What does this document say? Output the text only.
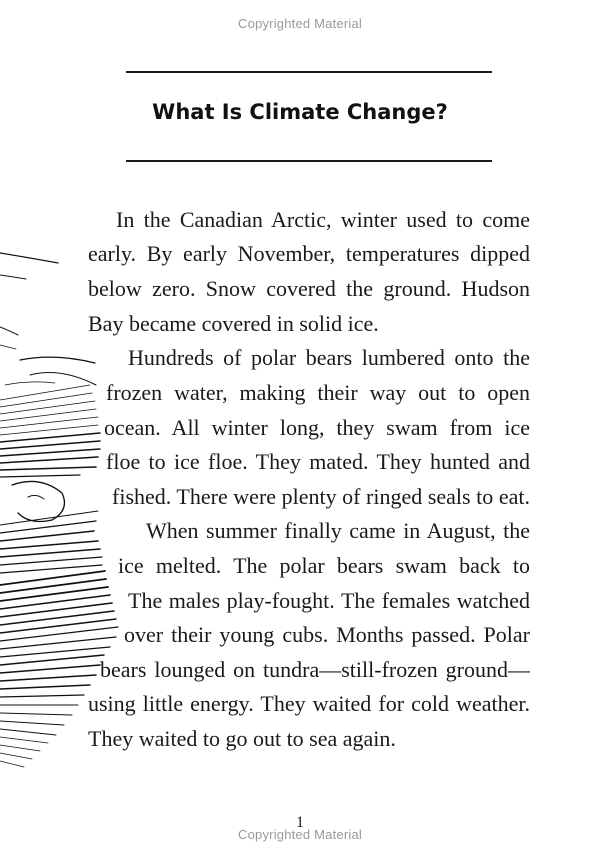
Copyrighted Material
What Is Climate Change?
In the Canadian Arctic, winter used to come
early. By early November, temperatures dipped
below zero. Snow covered the ground. Hudson
Bay became covered in solid ice.
Hundreds of polar bears lumbered onto the
frozen water, making their way out to open
ocean. All winter long, they swam from ice
floe to ice floe. They mated. They hunted and
fished. There were plenty of ringed seals to eat.
When summer finally came in August, the
ice melted. The polar bears swam back to
The males play-fought. The females watched
over their young cubs. Months passed. Polar
bears lounged on tundra—still-frozen ground—
using little energy. They waited for cold weather.
They waited to go out to sea again.
1
Copyrighted Material
